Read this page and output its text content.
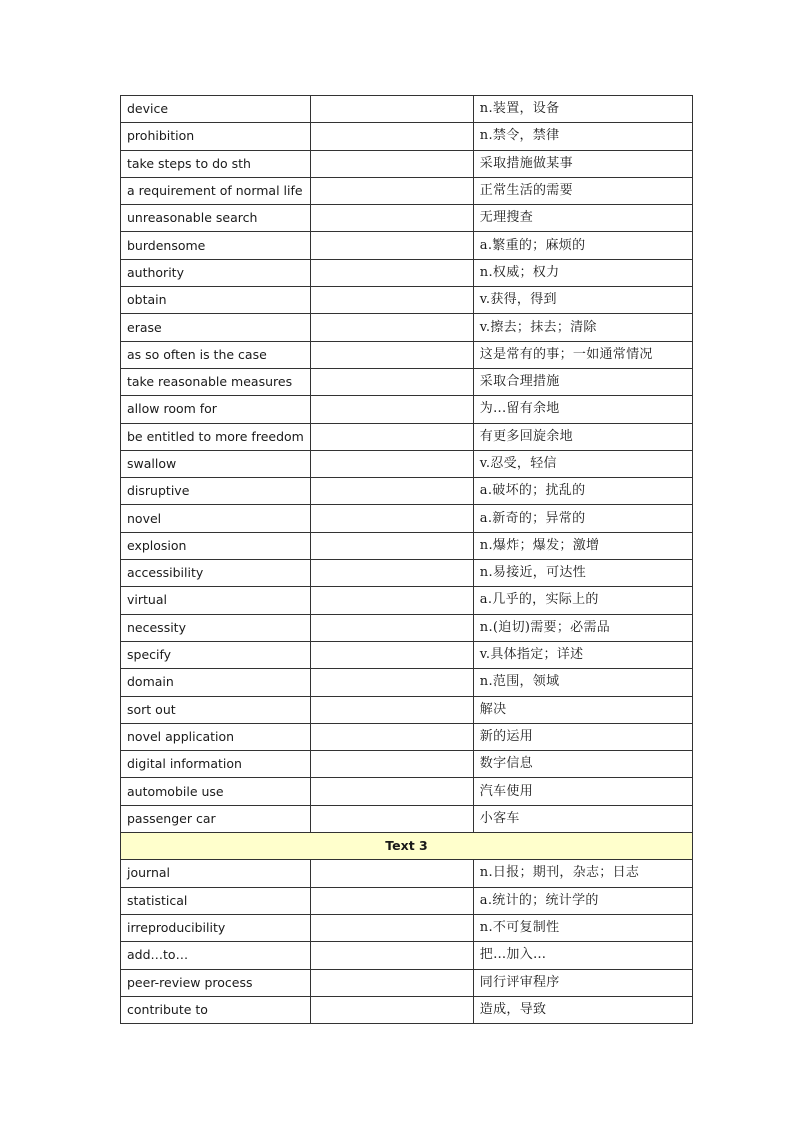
device		n.装置，设备
prohibition		n.禁令，禁律
take steps to do sth		采取措施做某事
a requirement of normal life		正常生活的需要
unreasonable search		无理搜查
burdensome		a.繁重的；麻烦的
authority		n.权威；权力
obtain		v.获得，得到
erase		v.擦去；抹去；清除
as so often is the case		这是常有的事；一如通常情况
take reasonable measures		采取合理措施
allow room for		为...留有余地
be entitled to more freedom		有更多回旋余地
swallow		v.忍受，轻信
disruptive		a.破坏的；扰乱的
novel		a.新奇的；异常的
explosion		n.爆炸；爆发；激增
accessibility		n.易接近，可达性
virtual		a.几乎的，实际上的
necessity		n.(迫切)需要；必需品
specify		v.具体指定；详述
domain		n.范围，领域
sort out		解决
novel application		新的运用
digital information		数字信息
automobile use		汽车使用
passenger car		小客车
Text 3		
journal		n.日报；期刊，杂志；日志
statistical		a.统计的；统计学的
irreproducibility		n.不可复制性
add…to…		把…加入…
peer-review process		同行评审程序
contribute to		造成，导致
